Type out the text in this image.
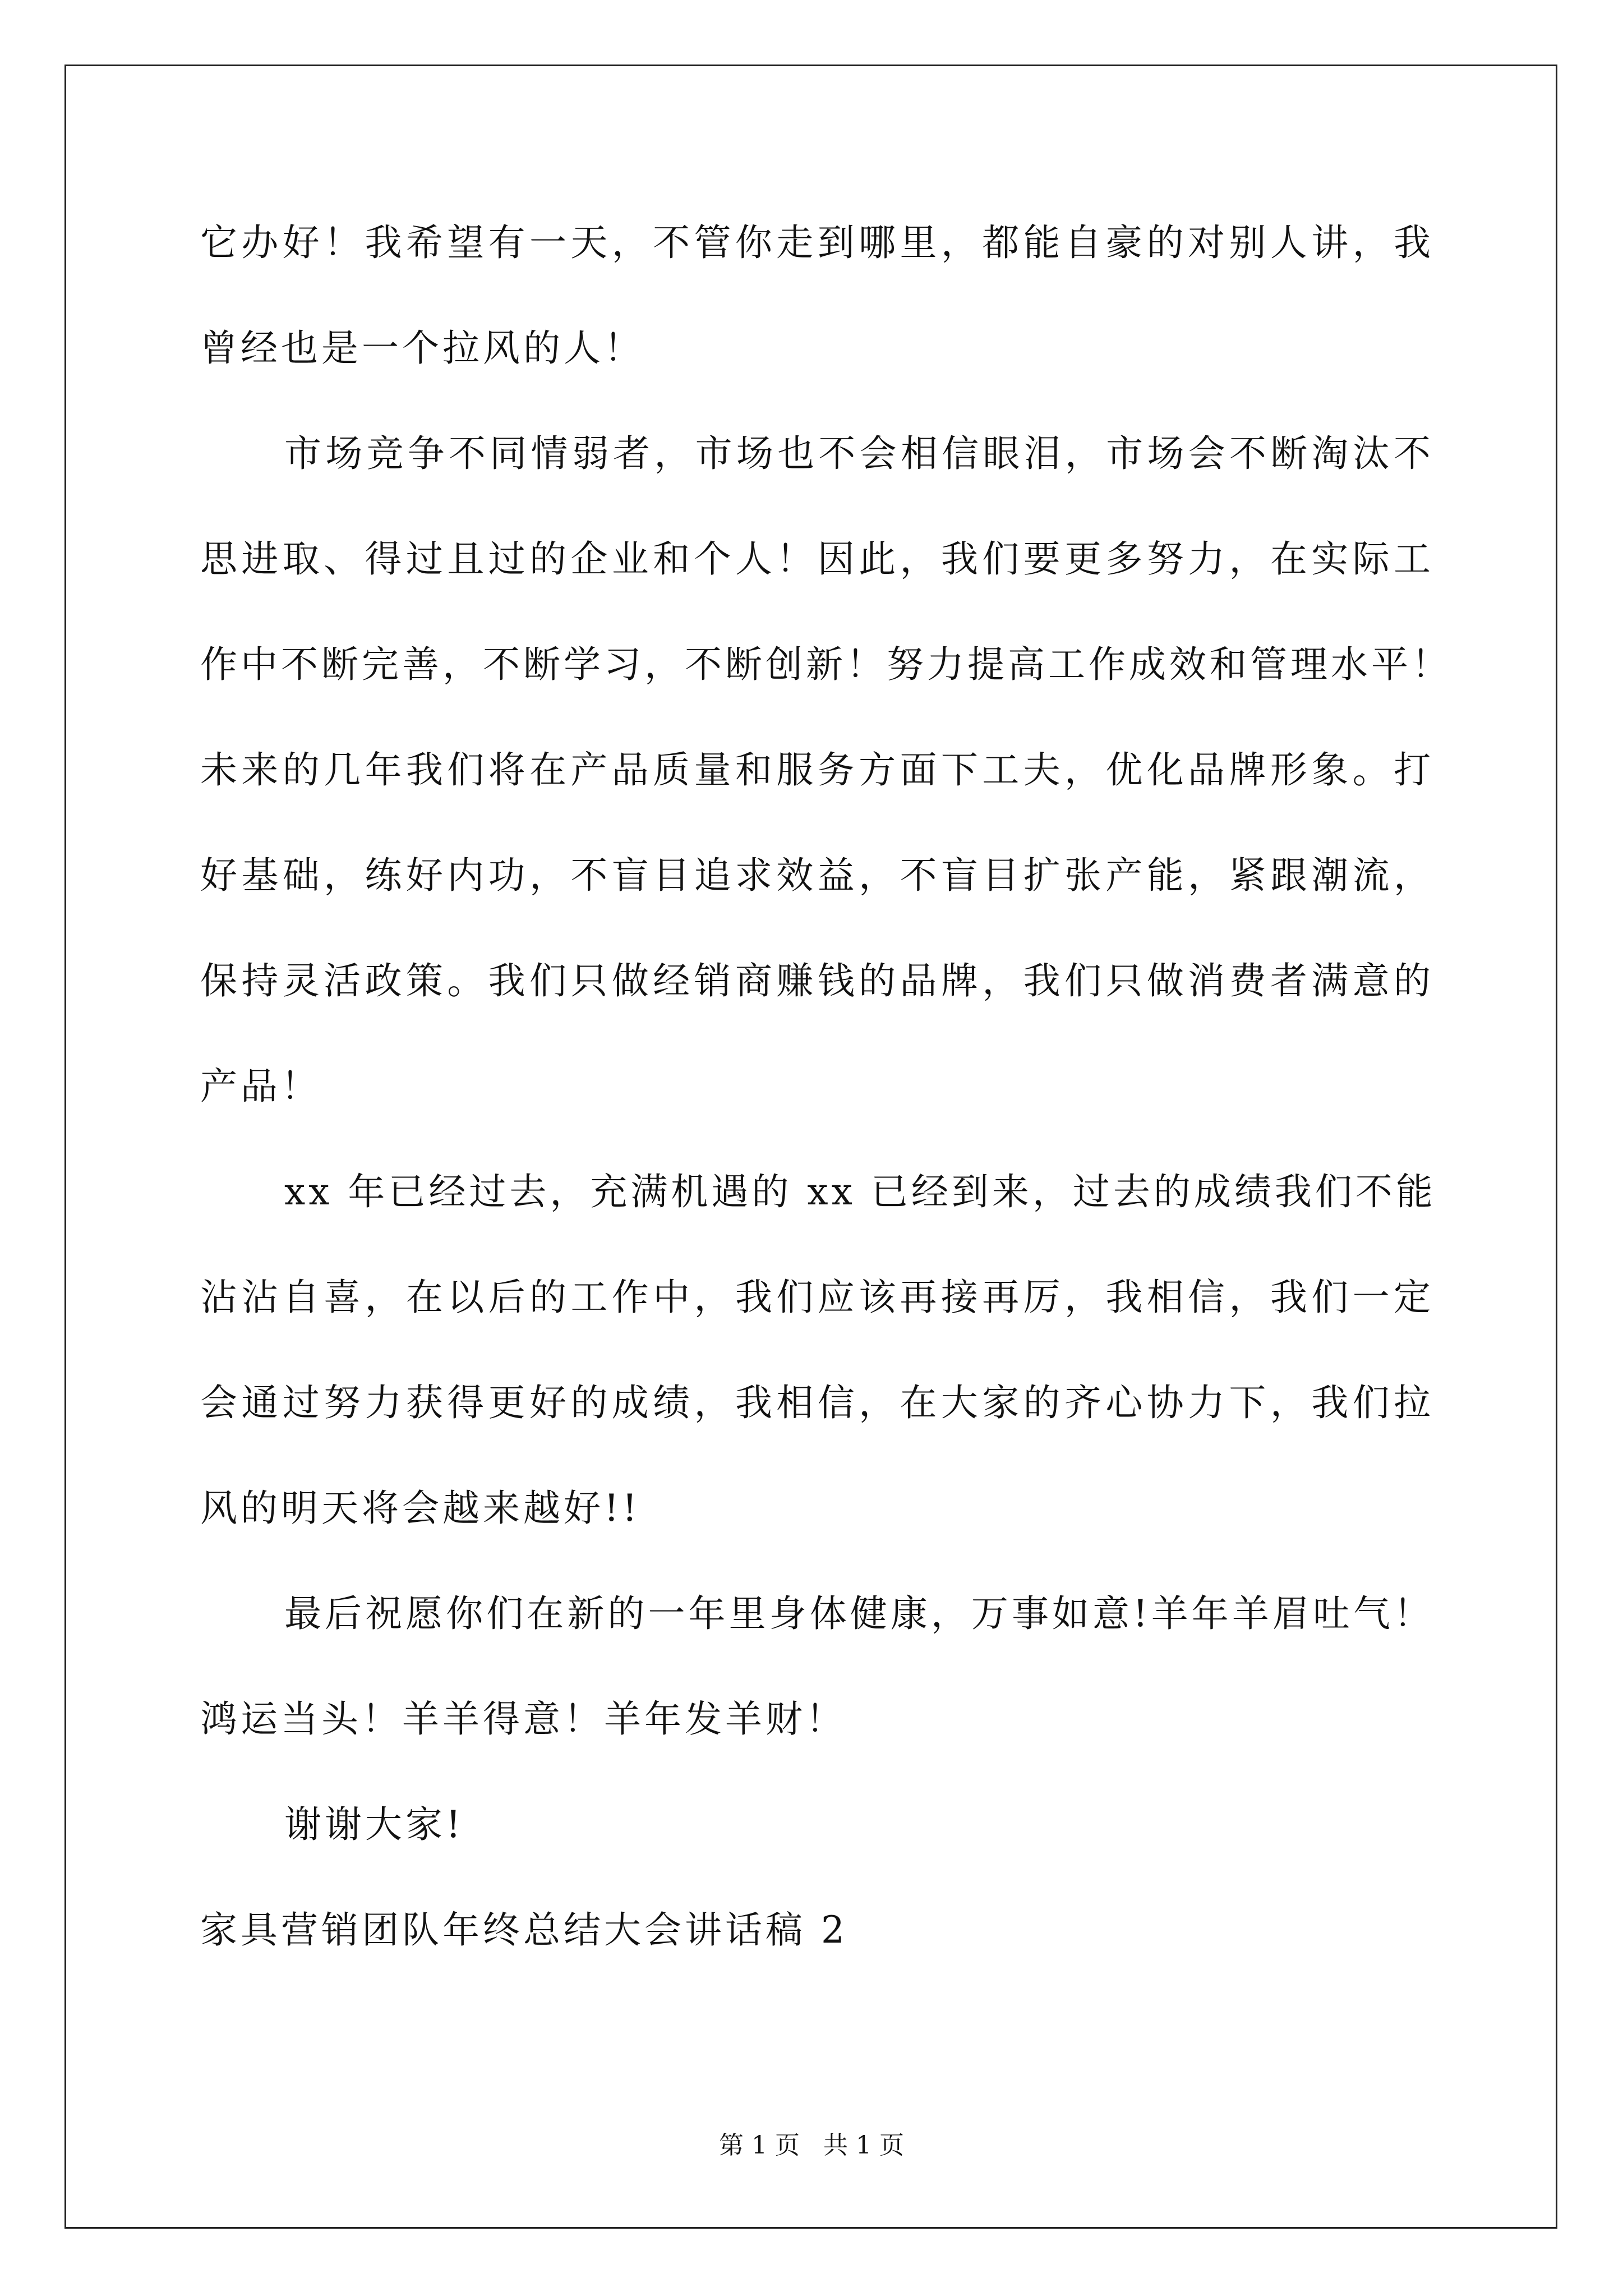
它办好！我希望有一天，不管你走到哪里，都能自豪的对别人讲，我
曾经也是一个拉风的人！
市场竞争不同情弱者，市场也不会相信眼泪，市场会不断淘汰不
思进取、得过且过的企业和个人！因此，我们要更多努力，在实际工
作中不断完善，不断学习，不断创新！努力提高工作成效和管理水平！
未来的几年我们将在产品质量和服务方面下工夫，优化品牌形象。打
好基础，练好内功，不盲目追求效益，不盲目扩张产能，紧跟潮流，
保持灵活政策。我们只做经销商赚钱的品牌，我们只做消费者满意的
产品！
xx 年已经过去，充满机遇的 xx 已经到来，过去的成绩我们不能
沾沾自喜，在以后的工作中，我们应该再接再厉，我相信，我们一定
会通过努力获得更好的成绩，我相信，在大家的齐心协力下，我们拉
风的明天将会越来越好!!
最后祝愿你们在新的一年里身体健康，万事如意!羊年羊眉吐气！
鸿运当头！羊羊得意！羊年发羊财！
谢谢大家!
家具营销团队年终总结大会讲话稿 2
第 1 页 共 1 页
